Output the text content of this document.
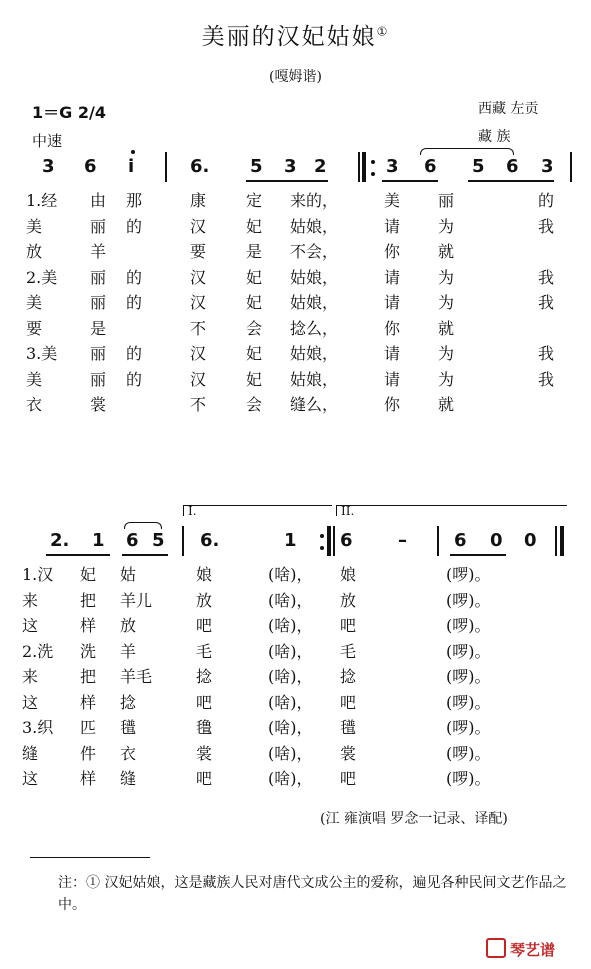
美丽的汉妃姑娘①
(嘎姆谐)
1＝G 2/4
中速
西藏 左贡
藏 族
3 6 i	6. 5 3 2	3 6 5 6 3
1.经 由 那	康 定 来的，	美 丽	的
美	丽 的	汉 妃 姑娘，	请 为	我
放	羊	要 是 不会，	你 就
2.美 丽 的	汉 妃 姑娘，	请 为	我
美	丽 的	汉 妃 姑娘，	请 为	我
要	是	不 会 捻么，	你 就
3.美 丽 的	汉 妃 姑娘，	请 为	我
美	丽 的	汉 妃 姑娘，	请 为	我
衣	裳	不 会 缝么，	你 就
I.	II.
2. 1 6 5 6.	1 6	–	6 0 0
1.汉 妃 姑	娘	(啥)， 娘	(啰)。
来	把 羊儿	放	(啥)， 放	(啰)。
这	样 放	吧	(啥)， 吧	(啰)。
2.洗 洗 羊	毛	(啥)， 毛	(啰)。
来	把 羊毛	捻	(啥)， 捻	(啰)。
这	样 捻	吧	(啥)， 吧	(啰)。
3.织 匹 氆	氇	(啥)， 氆	(啰)。
缝	件 衣	裳	(啥)， 裳	(啰)。
这	样 缝	吧	(啥)， 吧	(啰)。
(江 雍演唱 罗念一记录、译配)
注：① 汉妃姑娘，这是藏族人民对唐代文成公主的爱称，遍见各种民间文艺作品之中。
琴艺谱
